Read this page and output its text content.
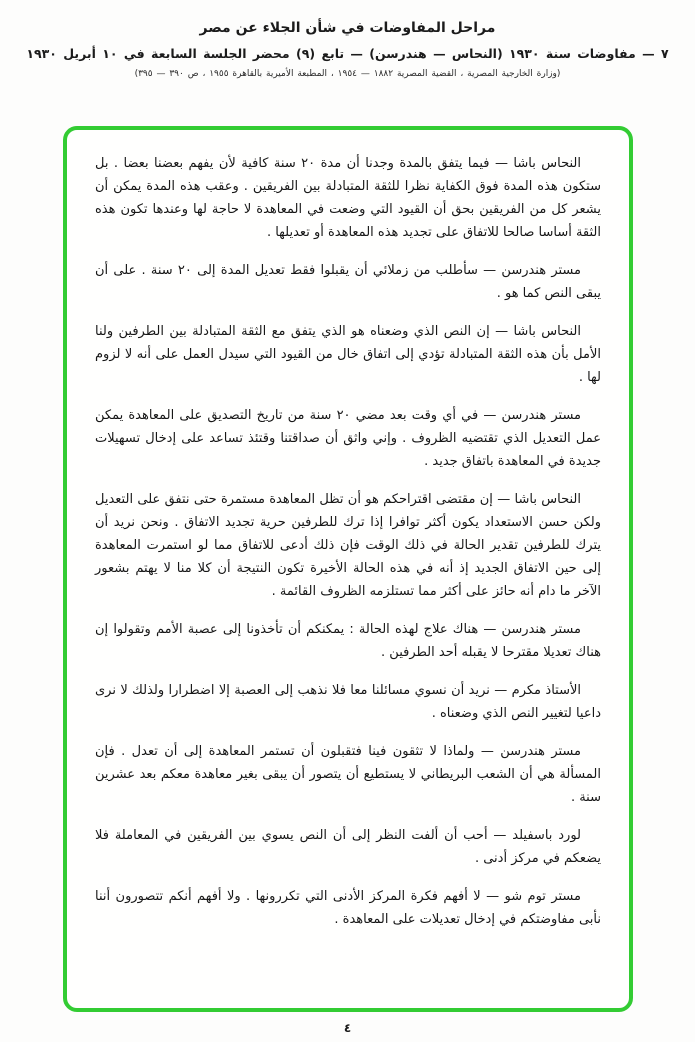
مراحل المفاوضات في شأن الجلاء عن مصر
٧ — مفاوضات سنة ١٩٣٠ (النحاس — هندرسن) — تابع (٩) محضر الجلسة السابعة في ١٠ أبريل ١٩٣٠
(وزارة الخارجية المصرية ، القضية المصرية ١٨٨٢ — ١٩٥٤ ، المطبعة الأميرية بالقاهرة ١٩٥٥ ، ص ٣٩٠ — ٣٩٥)

النحاس باشا — فيما يتفق بالمدة وجدنا أن مدة ٢٠ سنة كافية لأن يفهم بعضنا بعضا . بل ستكون هذه المدة فوق الكفاية نظرا للثقة المتبادلة بين الفريقين . وعقب هذه المدة يمكن أن يشعر كل من الفريقين بحق أن القيود التي وضعت في المعاهدة لا حاجة لها وعندها تكون هذه الثقة أساسا صالحا للاتفاق على تجديد هذه المعاهدة أو تعديلها .

مستر هندرسن — سأطلب من زملائي أن يقبلوا فقط تعديل المدة إلى ٢٠ سنة . على أن يبقى النص كما هو .

النحاس باشا — إن النص الذي وضعناه هو الذي يتفق مع الثقة المتبادلة بين الطرفين ولنا الأمل بأن هذه الثقة المتبادلة تؤدي إلى اتفاق خال من القيود التي سيدل العمل على أنه لا لزوم لها .

مستر هندرسن — في أي وقت بعد مضي ٢٠ سنة من تاريخ التصديق على المعاهدة يمكن عمل التعديل الذي تقتضيه الظروف . وإني واثق أن صداقتنا وقتئذ تساعد على إدخال تسهيلات جديدة في المعاهدة باتفاق جديد .

النحاس باشا — إن مقتضى اقتراحكم هو أن تظل المعاهدة مستمرة حتى نتفق على التعديل ولكن حسن الاستعداد يكون أكثر توافرا إذا ترك للطرفين حرية تجديد الاتفاق . ونحن نريد أن يترك للطرفين تقدير الحالة في ذلك الوقت فإن ذلك أدعى للاتفاق مما لو استمرت المعاهدة إلى حين الاتفاق الجديد إذ أنه في هذه الحالة الأخيرة تكون النتيجة أن كلا منا لا يهتم بشعور الآخر ما دام أنه حائز على أكثر مما تستلزمه الظروف القائمة .

مستر هندرسن — هناك علاج لهذه الحالة : يمكنكم أن تأخذونا إلى عصبة الأمم وتقولوا إن هناك تعديلا مقترحا لا يقبله أحد الطرفين .

الأستاذ مكرم — نريد أن نسوي مسائلنا معا فلا نذهب إلى العصبة إلا اضطرارا ولذلك لا نرى داعيا لتغيير النص الذي وضعناه .

مستر هندرسن — ولماذا لا تثقون فينا فتقبلون أن تستمر المعاهدة إلى أن تعدل . فإن المسألة هي أن الشعب البريطاني لا يستطيع أن يتصور أن يبقى بغير معاهدة معكم بعد عشرين سنة .

لورد باسفيلد — أحب أن ألفت النظر إلى أن النص يسوي بين الفريقين في المعاملة فلا يضعكم في مركز أدنى .

مستر توم شو — لا أفهم فكرة المركز الأدنى التي تكررونها . ولا أفهم أنكم تتصورون أننا نأبى مفاوضتكم في إدخال تعديلات على المعاهدة .

٤
